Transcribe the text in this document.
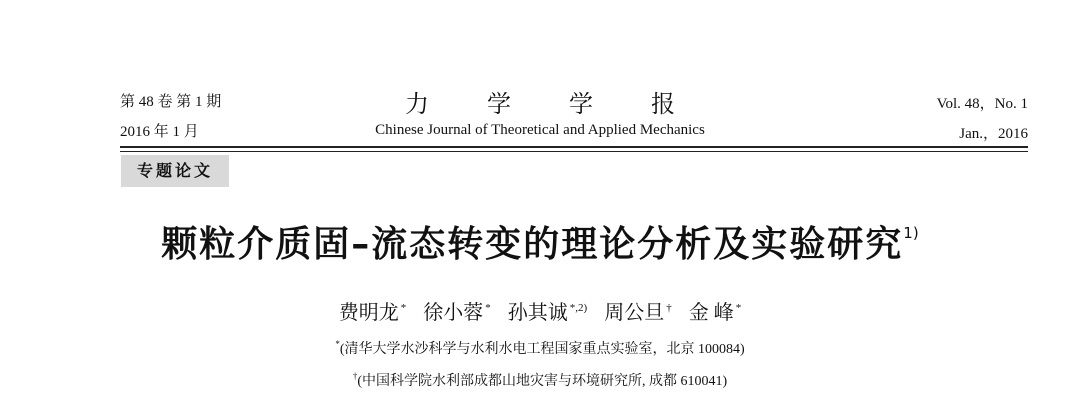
第 48 卷 第 1 期
2016 年 1 月
力 学 学 报
Chinese Journal of Theoretical and Applied Mechanics
Vol. 48，No. 1
Jan.，2016
专题论文
颗粒介质固–流态转变的理论分析及实验研究$^{1)}$
费明龙 * 徐小蓉 * 孙其诚 $^{*,2)}$ 周公旦 † 金 峰 *
*(清华大学水沙科学与水利水电工程国家重点实验室，北京 100084)
†(中国科学院水利部成都山地灾害与环境研究所, 成都 610041)
